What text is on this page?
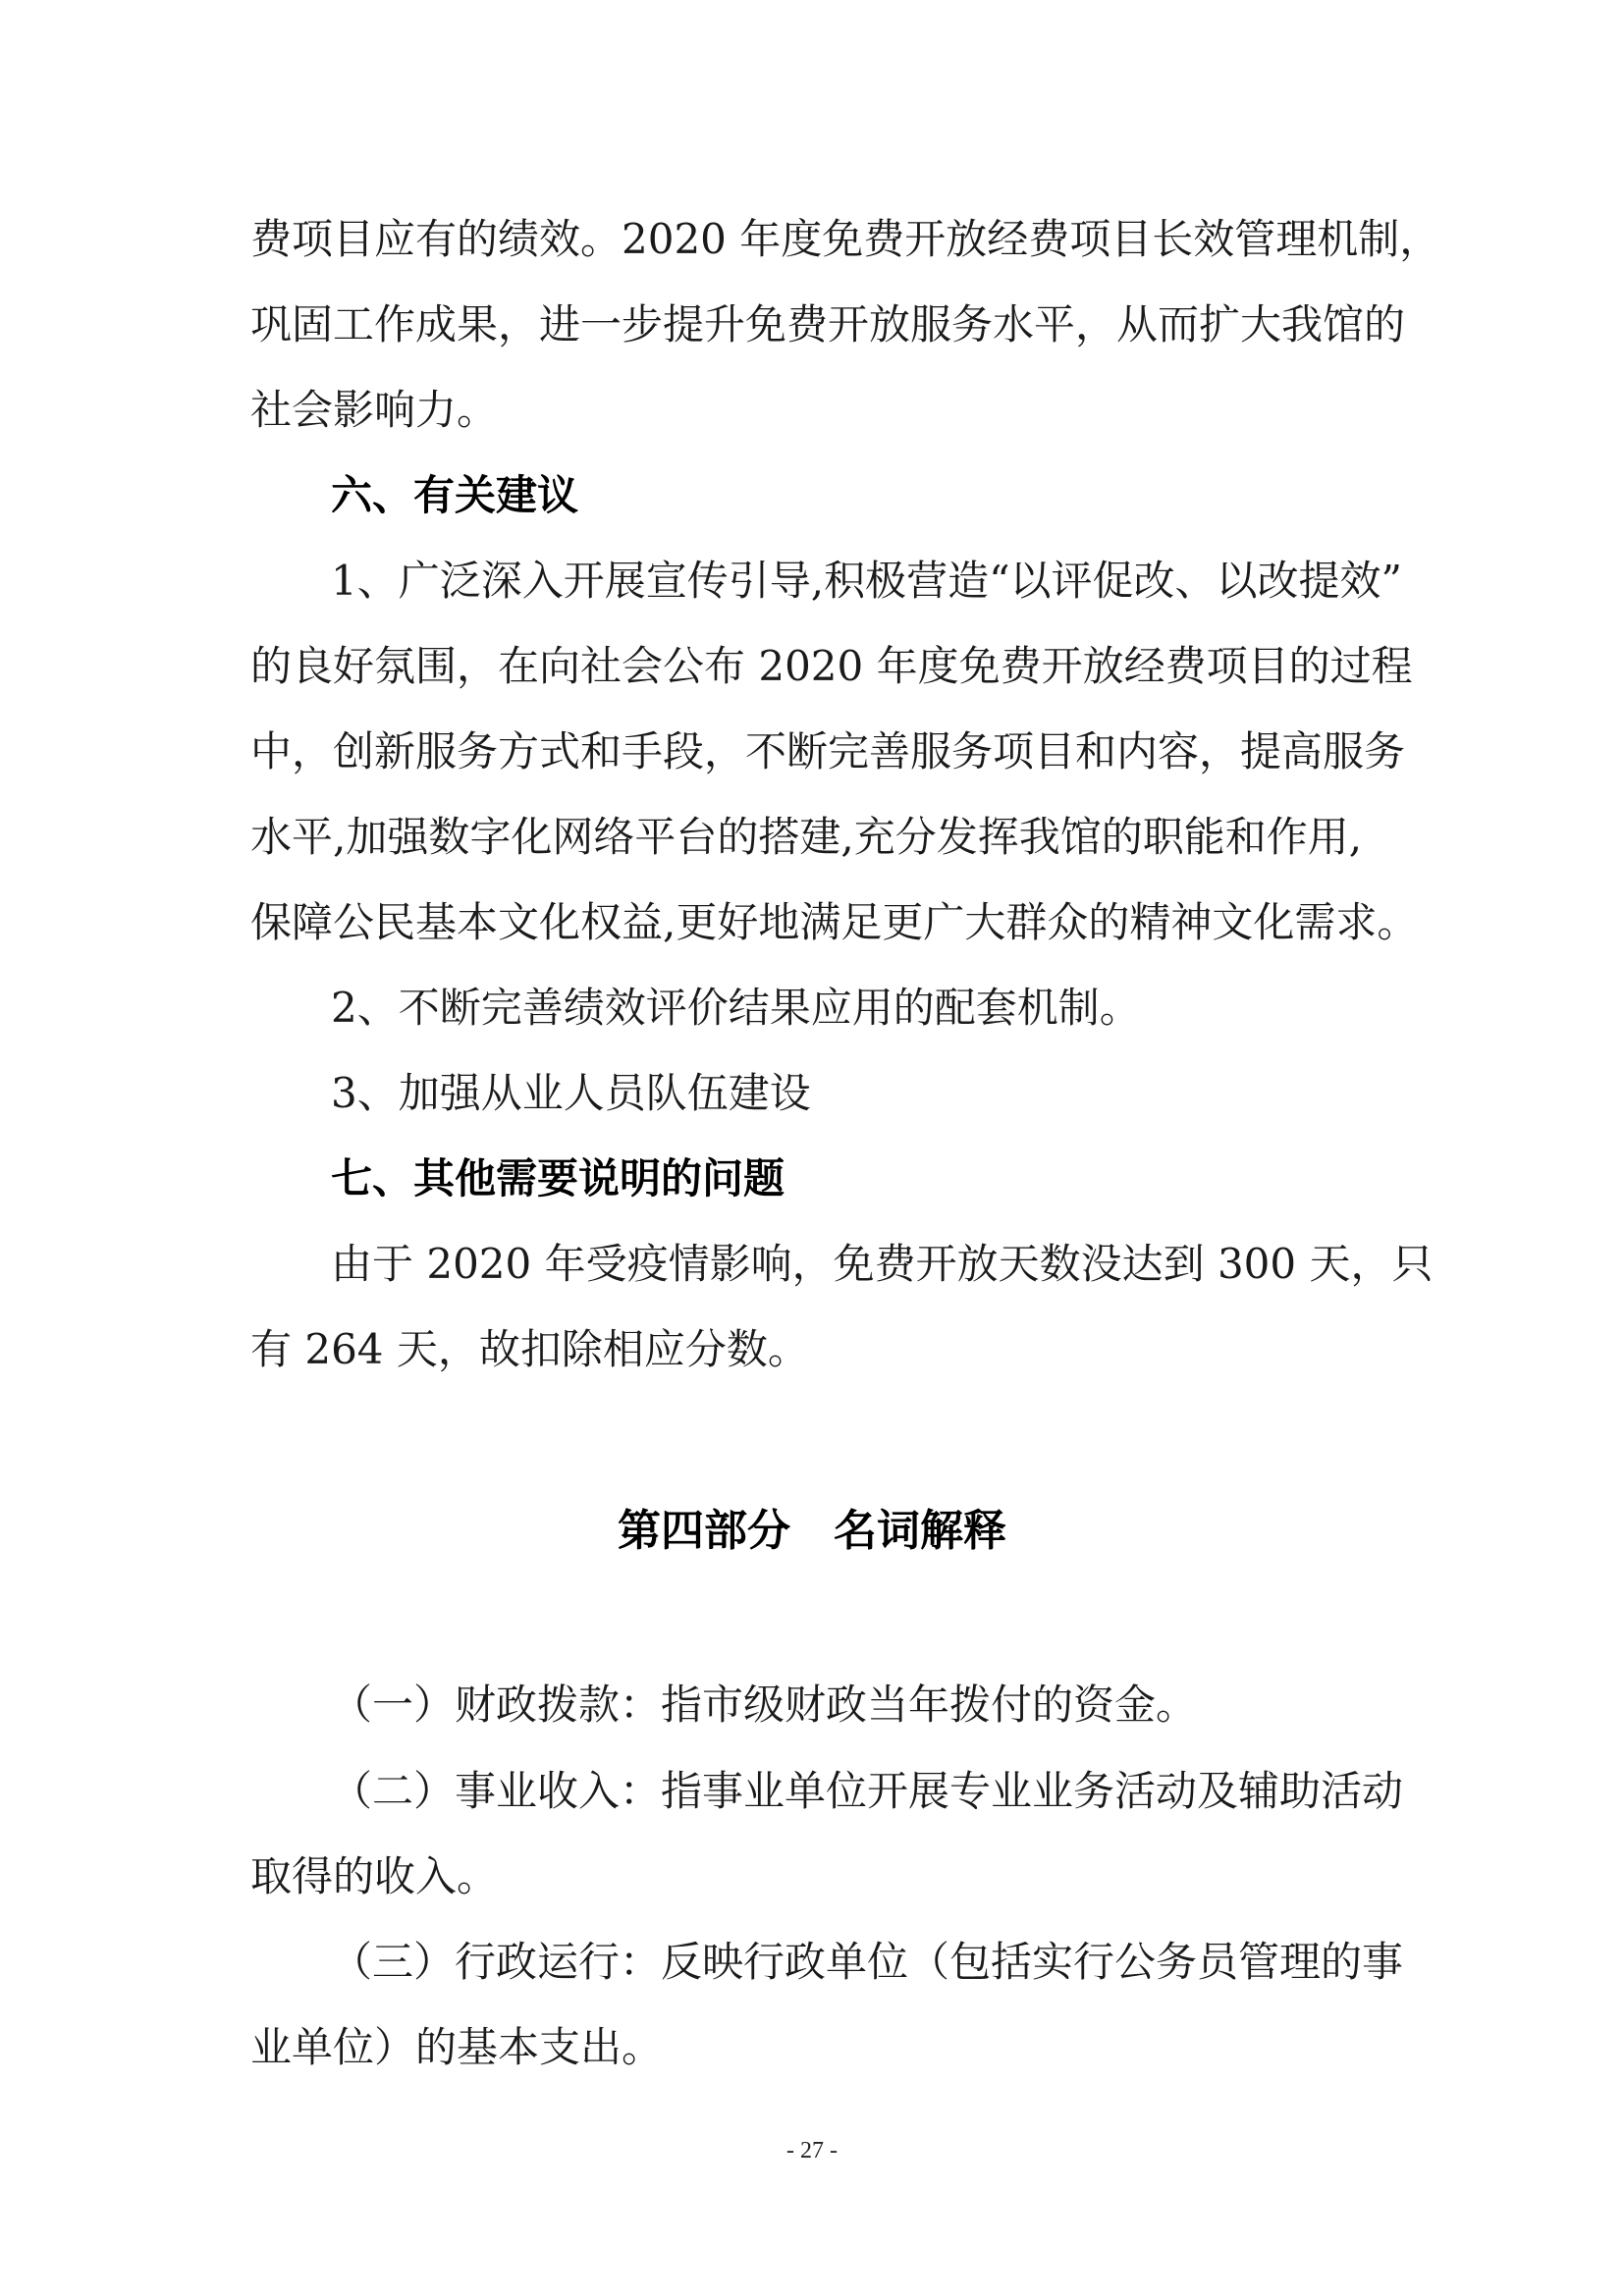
费项目应有的绩效。2020 年度免费开放经费项目长效管理机制，
巩固工作成果，进一步提升免费开放服务水平，从而扩大我馆的
社会影响力。
六、有关建议
1、广泛深入开展宣传引导,积极营造“以评促改、以改提效”
的良好氛围，在向社会公布 2020 年度免费开放经费项目的过程
中，创新服务方式和手段，不断完善服务项目和内容，提高服务
水平,加强数字化网络平台的搭建,充分发挥我馆的职能和作用,
保障公民基本文化权益,更好地满足更广大群众的精神文化需求。
2、不断完善绩效评价结果应用的配套机制。
3、加强从业人员队伍建设
七、其他需要说明的问题
由于 2020 年受疫情影响，免费开放天数没达到 300 天，只
有 264 天，故扣除相应分数。
第四部分　名词解释
（一）财政拨款：指市级财政当年拨付的资金。
（二）事业收入：指事业单位开展专业业务活动及辅助活动
取得的收入。
（三）行政运行：反映行政单位（包括实行公务员管理的事
业单位）的基本支出。
- 27 -
